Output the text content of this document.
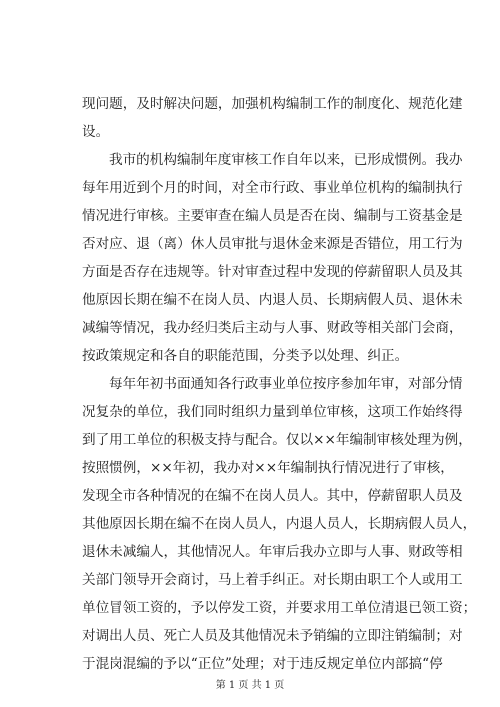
现问题，及时解决问题，加强机构编制工作的制度化、规范化建
设。
我市的机构编制年度审核工作自年以来，已形成惯例。我办
每年用近到个月的时间，对全市行政、事业单位机构的编制执行
情况进行审核。主要审查在编人员是否在岗、编制与工资基金是
否对应、退（离）休人员审批与退休金来源是否错位，用工行为
方面是否存在违规等。针对审查过程中发现的停薪留职人员及其
他原因长期在编不在岗人员、内退人员、长期病假人员、退休未
减编等情况，我办经归类后主动与人事、财政等相关部门会商，
按政策规定和各自的职能范围，分类予以处理、纠正。
每年年初书面通知各行政事业单位按序参加年审，对部分情
况复杂的单位，我们同时组织力量到单位审核，这项工作始终得
到了用工单位的积极支持与配合。仅以××年编制审核处理为例，
按照惯例，××年初，我办对××年编制执行情况进行了审核，
发现全市各种情况的在编不在岗人员人。其中，停薪留职人员及
其他原因长期在编不在岗人员人，内退人员人，长期病假人员人，
退休未减编人，其他情况人。年审后我办立即与人事、财政等相
关部门领导开会商讨，马上着手纠正。对长期由职工个人或用工
单位冒领工资的，予以停发工资，并要求用工单位清退已领工资；
对调出人员、死亡人员及其他情况未予销编的立即注销编制；对
于混岗混编的予以“正位”处理；对于违反规定单位内部搞“停
第 1 页 共 1 页
